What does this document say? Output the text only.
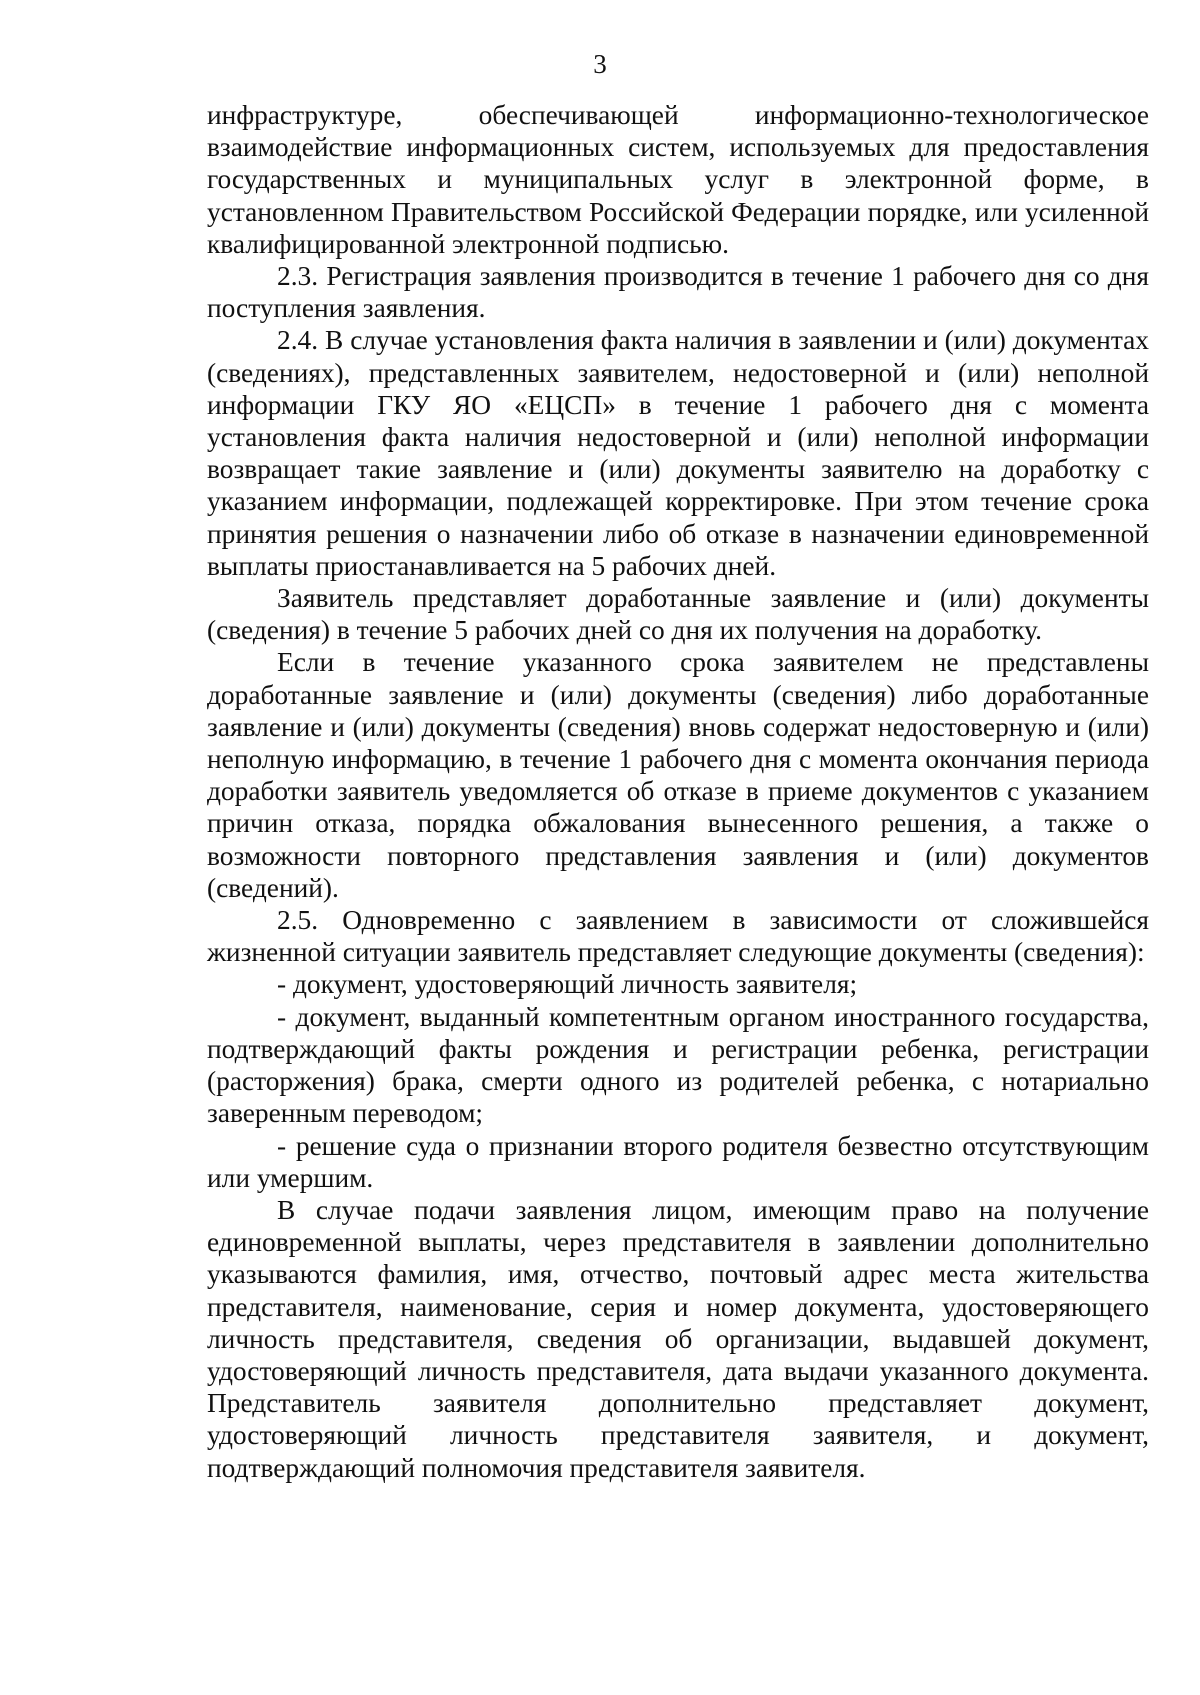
3

инфраструктуре, обеспечивающей информационно-технологическое взаимодействие информационных систем, используемых для предоставления государственных и муниципальных услуг в электронной форме, в установленном Правительством Российской Федерации порядке, или усиленной квалифицированной электронной подписью.

2.3. Регистрация заявления производится в течение 1 рабочего дня со дня поступления заявления.

2.4. В случае установления факта наличия в заявлении и (или) документах (сведениях), представленных заявителем, недостоверной и (или) неполной информации ГКУ ЯО «ЕЦСП» в течение 1 рабочего дня с момента установления факта наличия недостоверной и (или) неполной информации возвращает такие заявление и (или) документы заявителю на доработку с указанием информации, подлежащей корректировке. При этом течение срока принятия решения о назначении либо об отказе в назначении единовременной выплаты приостанавливается на 5 рабочих дней.

Заявитель представляет доработанные заявление и (или) документы (сведения) в течение 5 рабочих дней со дня их получения на доработку.

Если в течение указанного срока заявителем не представлены доработанные заявление и (или) документы (сведения) либо доработанные заявление и (или) документы (сведения) вновь содержат недостоверную и (или) неполную информацию, в течение 1 рабочего дня с момента окончания периода доработки заявитель уведомляется об отказе в приеме документов с указанием причин отказа, порядка обжалования вынесенного решения, а также о возможности повторного представления заявления и (или) документов (сведений).

2.5. Одновременно с заявлением в зависимости от сложившейся жизненной ситуации заявитель представляет следующие документы (сведения):

- документ, удостоверяющий личность заявителя;

- документ, выданный компетентным органом иностранного государства, подтверждающий факты рождения и регистрации ребенка, регистрации (расторжения) брака, смерти одного из родителей ребенка, с нотариально заверенным переводом;

- решение суда о признании второго родителя безвестно отсутствующим или умершим.

В случае подачи заявления лицом, имеющим право на получение единовременной выплаты, через представителя в заявлении дополнительно указываются фамилия, имя, отчество, почтовый адрес места жительства представителя, наименование, серия и номер документа, удостоверяющего личность представителя, сведения об организации, выдавшей документ, удостоверяющий личность представителя, дата выдачи указанного документа. Представитель заявителя дополнительно представляет документ, удостоверяющий личность представителя заявителя, и документ, подтверждающий полномочия представителя заявителя.
